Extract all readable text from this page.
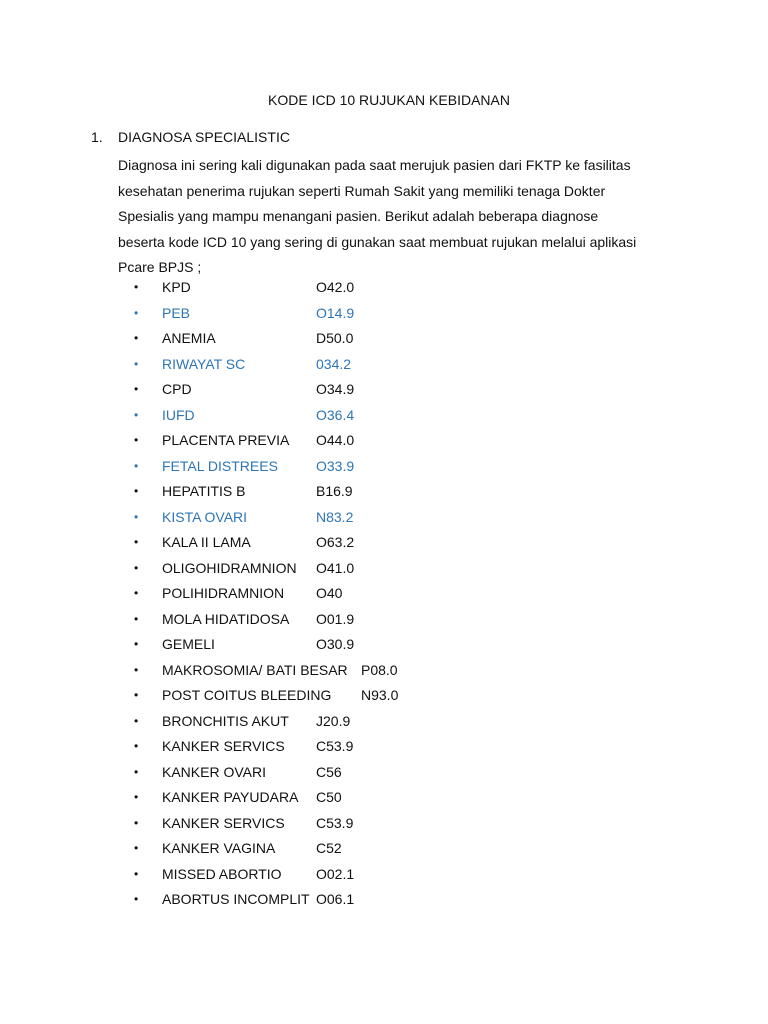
KODE ICD 10 RUJUKAN KEBIDANAN
1. DIAGNOSA SPECIALISTIC
Diagnosa ini sering kali digunakan pada saat merujuk pasien dari FKTP ke fasilitas
kesehatan penerima rujukan seperti Rumah Sakit yang memiliki tenaga Dokter
Spesialis yang mampu menangani pasien. Berikut adalah beberapa diagnose
beserta kode ICD 10 yang sering di gunakan saat membuat rujukan melalui aplikasi
Pcare BPJS ;
• KPD	O42.0
• PEB	O14.9
• ANEMIA	D50.0
• RIWAYAT SC	034.2
• CPD	O34.9
• IUFD	O36.4
• PLACENTA PREVIA O44.0
• FETAL DISTREES	O33.9
• HEPATITIS B	B16.9
• KISTA OVARI	N83.2
• KALA II LAMA	O63.2
• OLIGOHIDRAMNION O41.0
• POLIHIDRAMNION O40
• MOLA HIDATIDOSA O01.9
• GEMELI	O30.9
• MAKROSOMIA/ BATI BESAR P08.0
• POST COITUS BLEEDING N93.0
• BRONCHITIS AKUT J20.9
• KANKER SERVICS C53.9
• KANKER OVARI	C56
• KANKER PAYUDARA C50
• KANKER SERVICS C53.9
• KANKER VAGINA	C52
• MISSED ABORTIO O02.1
• ABORTUS INCOMPLIT O06.1
